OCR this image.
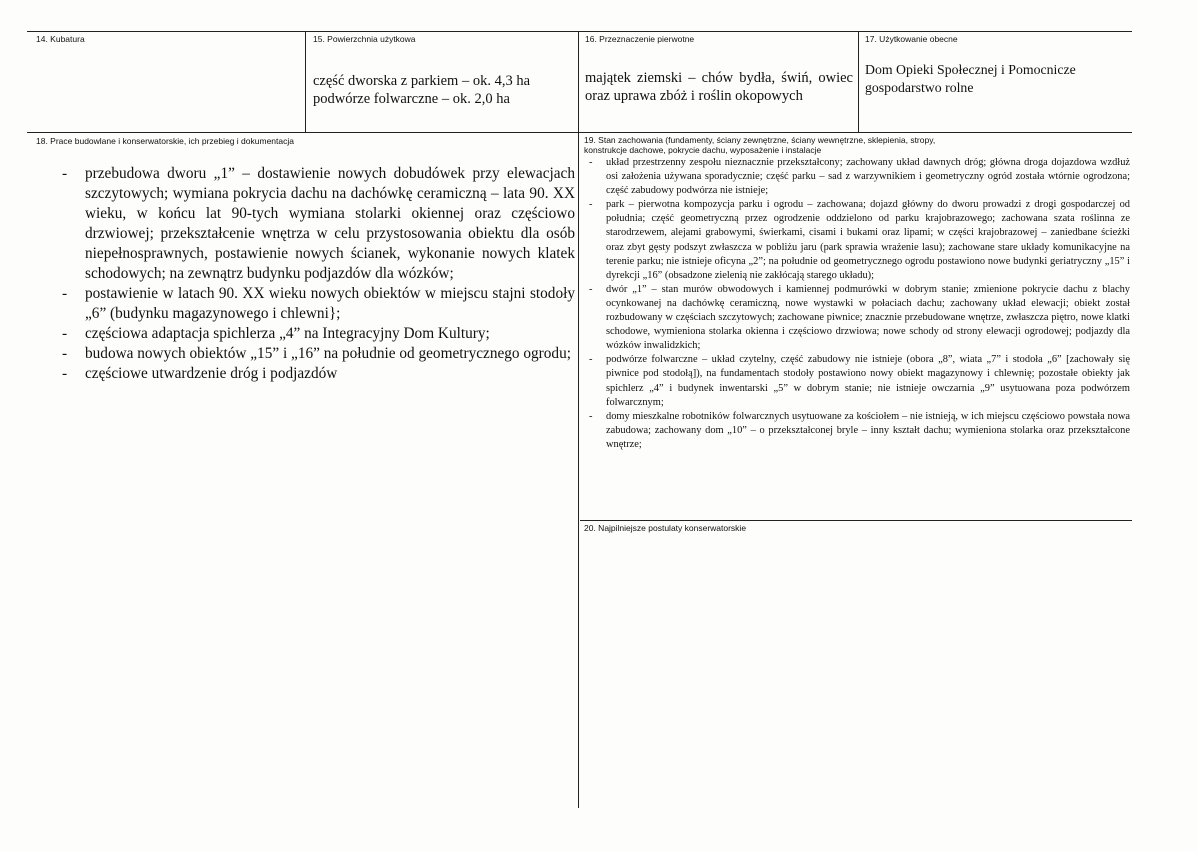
14. Kubatura	15. Powierzchnia użytkowa
część dworska z parkiem – ok. 4,3 ha
podwórze folwarczne – ok. 2,0 ha
16. Przeznaczenie pierwotne
majątek ziemski – chów bydła, świń, owiec oraz uprawa zbóż i roślin okopowych
17. Użytkowanie obecne
Dom Opieki Społecznej i Pomocnicze
gospodarstwo rolne
18. Prace budowlane i konserwatorskie, ich przebieg i dokumentacja
- przebudowa dworu „1” – dostawienie nowych dobudówek przy elewacjach szczytowych; wymiana pokrycia dachu na dachówkę ceramiczną – lata 90. XX wieku, w końcu lat 90-tych wymiana stolarki okiennej oraz częściowo drzwiowej; przekształcenie wnętrza w celu przystosowania obiektu dla osób niepełnosprawnych, postawienie nowych ścianek, wykonanie nowych klatek schodowych; na zewnątrz budynku podjazdów dla wózków;
- postawienie w latach 90. XX wieku nowych obiektów w miejscu stajni stodoły „6” (budynku magazynowego i chlewni};
- częściowa adaptacja spichlerza „4” na Integracyjny Dom Kultury;
- budowa nowych obiektów „15” i „16” na południe od geometrycznego ogrodu;
- częściowe utwardzenie dróg i podjazdów
19. Stan zachowania (fundamenty, ściany zewnętrzne, ściany wewnętrzne, sklepienia, stropy,
konstrukcje dachowe, pokrycie dachu, wyposażenie i instalacje
- układ przestrzenny zespołu nieznacznie przekształcony; zachowany układ dawnych dróg; główna droga dojazdowa wzdłuż osi założenia używana sporadycznie; część parku – sad z warzywnikiem i geometryczny ogród została wtórnie ogrodzona; część zabudowy podwórza nie istnieje;
- park – pierwotna kompozycja parku i ogrodu – zachowana; dojazd główny do dworu prowadzi z drogi gospodarczej od południa; część geometryczną przez ogrodzenie oddzielono od parku krajobrazowego; zachowana szata roślinna ze starodrzewem, alejami grabowymi, świerkami, cisami i bukami oraz lipami; w części krajobrazowej – zaniedbane ścieżki oraz zbyt gęsty podszyt zwłaszcza w pobliżu jaru (park sprawia wrażenie lasu); zachowane stare układy komunikacyjne na terenie parku; nie istnieje oficyna „2”; na południe od geometrycznego ogrodu postawiono nowe budynki geriatryczny „15” i dyrekcji „16” (obsadzone zielenią nie zakłócają starego układu);
- dwór „1” – stan murów obwodowych i kamiennej podmurówki w dobrym stanie; zmienione pokrycie dachu z blachy ocynkowanej na dachówkę ceramiczną, nowe wystawki w połaciach dachu; zachowany układ elewacji; obiekt został rozbudowany w częściach szczytowych; zachowane piwnice; znacznie przebudowane wnętrze, zwłaszcza piętro, nowe klatki schodowe, wymieniona stolarka okienna i częściowo drzwiowa; nowe schody od strony elewacji ogrodowej; podjazdy dla wózków inwalidzkich;
- podwórze folwarczne – układ czytelny, część zabudowy nie istnieje (obora „8”, wiata „7” i stodoła „6” [zachowały się piwnice pod stodołą]), na fundamentach stodoły postawiono nowy obiekt magazynowy i chlewnię; pozostałe obiekty jak spichlerz „4” i budynek inwentarski „5” w dobrym stanie; nie istnieje owczarnia „9” usytuowana poza podwórzem folwarcznym;
- domy mieszkalne robotników folwarcznych usytuowane za kościołem – nie istnieją, w ich miejscu częściowo powstała nowa zabudowa; zachowany dom „10” – o przekształconej bryle – inny kształt dachu; wymieniona stolarka oraz przekształcone wnętrze;
20. Najpilniejsze postulaty konserwatorskie
